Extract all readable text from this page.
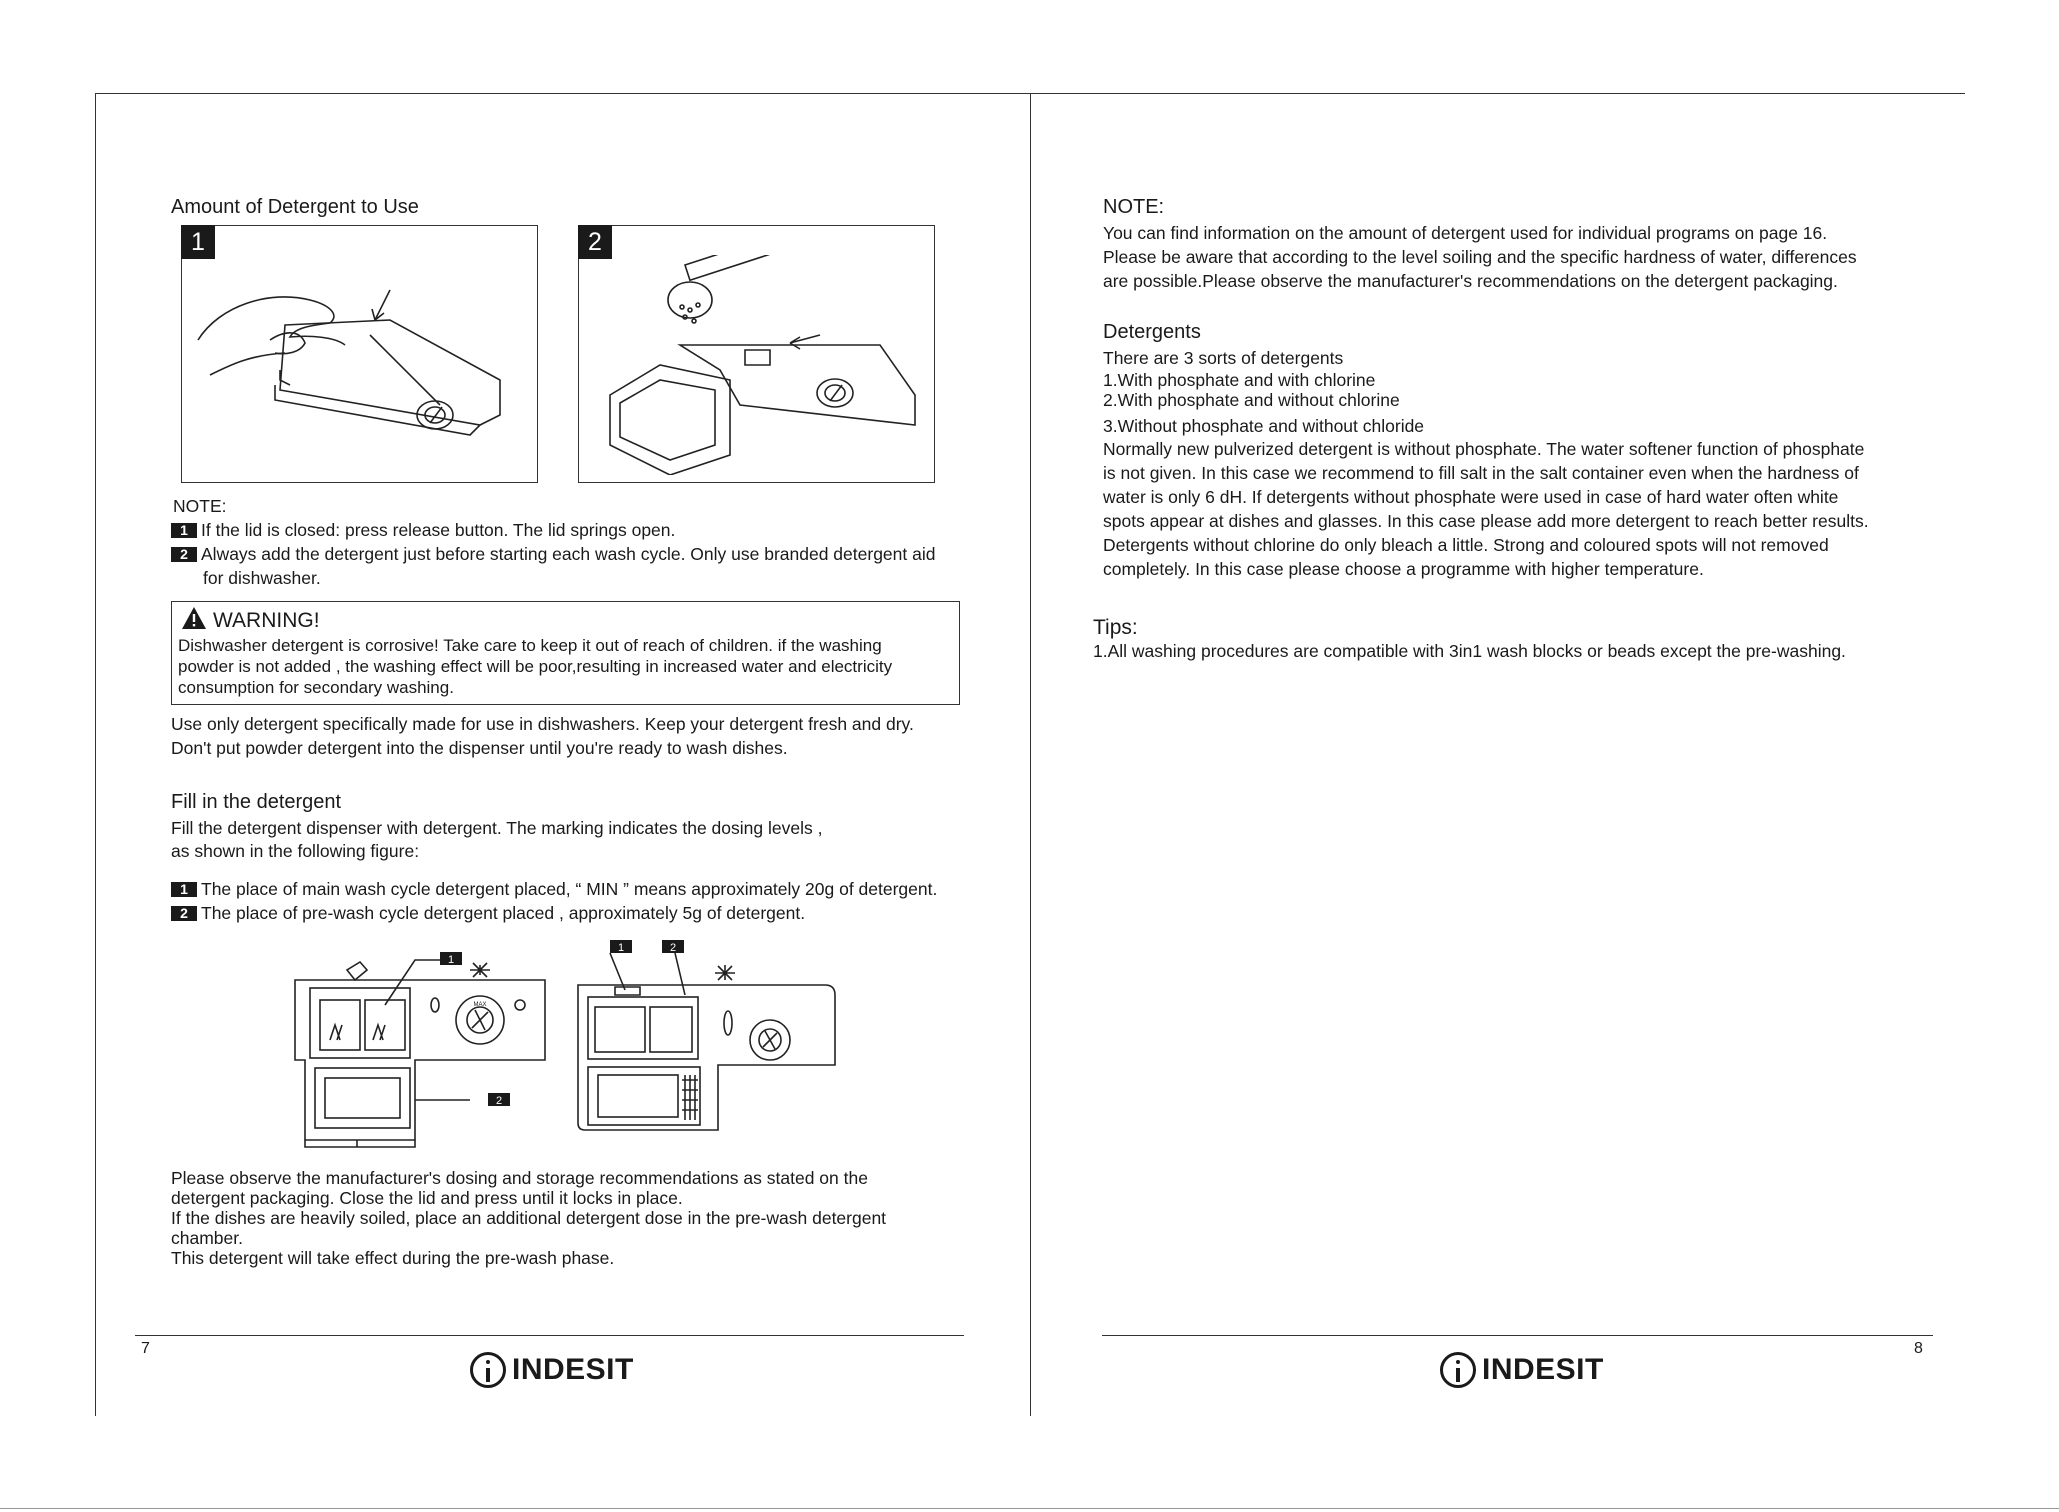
Amount of Detergent to Use
1	2
NOTE:
1 If the lid is closed: press release button. The lid springs open.
2 Always add the detergent just before starting each wash cycle. Only use branded detergent aid
for dishwasher.
WARNING!
Dishwasher detergent is corrosive! Take care to keep it out of reach of children. if the washing
powder is not added , the washing effect will be poor,resulting in increased water and electricity
consumption for secondary washing.
Use only detergent specifically made for use in dishwashers. Keep your detergent fresh and dry.
Don't put powder detergent into the dispenser until you're ready to wash dishes.
Fill in the detergent
Fill the detergent dispenser with detergent. The marking indicates the dosing levels ,
as shown in the following figure:
1 The place of main wash cycle detergent placed, “ MIN ” means approximately 20g of detergent.
2 The place of pre-wash cycle detergent placed , approximately 5g of detergent.
1
2
MAX
1	2
Please observe the manufacturer's dosing and storage recommendations as stated on the
detergent packaging. Close the lid and press until it locks in place.
If the dishes are heavily soiled, place an additional detergent dose in the pre-wash detergent
chamber.
This detergent will take effect during the pre-wash phase.
7
INDESIT
NOTE:
You can find information on the amount of detergent used for individual programs on page 16.
Please be aware that according to the level soiling and the specific hardness of water, differences
are possible.Please observe the manufacturer's recommendations on the detergent packaging.
Detergents
There are 3 sorts of detergents
1.With phosphate and with chlorine
2.With phosphate and without chlorine
3.Without phosphate and without chloride
Normally new pulverized detergent is without phosphate. The water softener function of phosphate
is not given. In this case we recommend to fill salt in the salt container even when the hardness of
water is only 6 dH. If detergents without phosphate were used in case of hard water often white
spots appear at dishes and glasses. In this case please add more detergent to reach better results.
Detergents without chlorine do only bleach a little. Strong and coloured spots will not removed
completely. In this case please choose a programme with higher temperature.
Tips:
1.All washing procedures are compatible with 3in1 wash blocks or beads except the pre-washing.
8
INDESIT
